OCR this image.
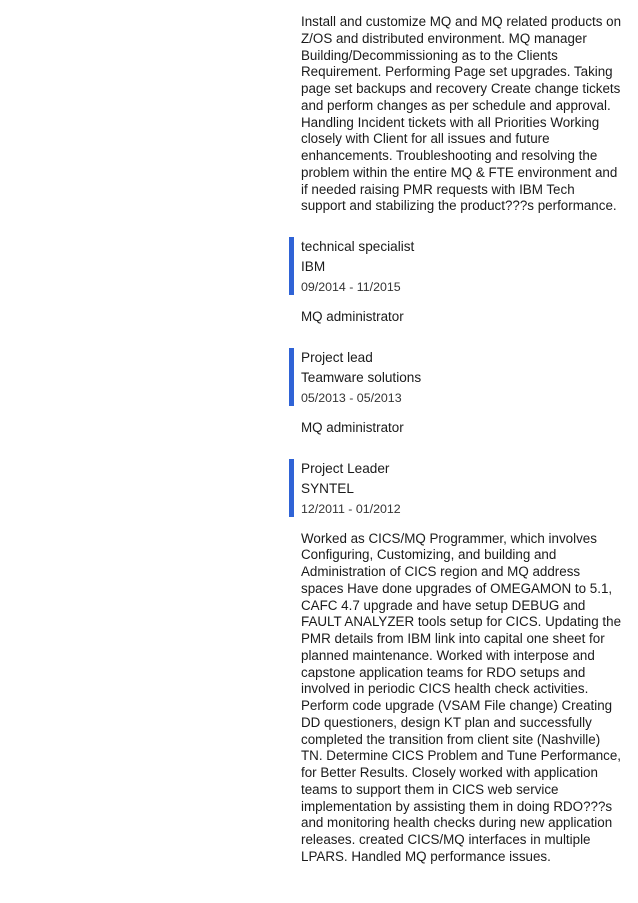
Install and customize MQ and MQ related products on Z/OS and distributed environment. MQ manager Building/Decommissioning as to the Clients Requirement. Performing Page set upgrades. Taking page set backups and recovery Create change tickets and perform changes as per schedule and approval. Handling Incident tickets with all Priorities Working closely with Client for all issues and future enhancements. Troubleshooting and resolving the problem within the entire MQ & FTE environment and if needed raising PMR requests with IBM Tech support and stabilizing the product???s performance.

technical specialist

IBM

09/2014 - 11/2015

MQ administrator

Project lead

Teamware solutions

05/2013 - 05/2013

MQ administrator

Project Leader

SYNTEL

12/2011 - 01/2012

Worked as CICS/MQ Programmer, which involves Configuring, Customizing, and building and Administration of CICS region and MQ address spaces Have done upgrades of OMEGAMON to 5.1, CAFC 4.7 upgrade and have setup DEBUG and FAULT ANALYZER tools setup for CICS. Updating the PMR details from IBM link into capital one sheet for planned maintenance. Worked with interpose and capstone application teams for RDO setups and involved in periodic CICS health check activities. Perform code upgrade (VSAM File change) Creating DD questioners, design KT plan and successfully completed the transition from client site (Nashville) TN. Determine CICS Problem and Tune Performance, for Better Results. Closely worked with application teams to support them in CICS web service implementation by assisting them in doing RDO???s and monitoring health checks during new application releases. created CICS/MQ interfaces in multiple LPARS. Handled MQ performance issues.
